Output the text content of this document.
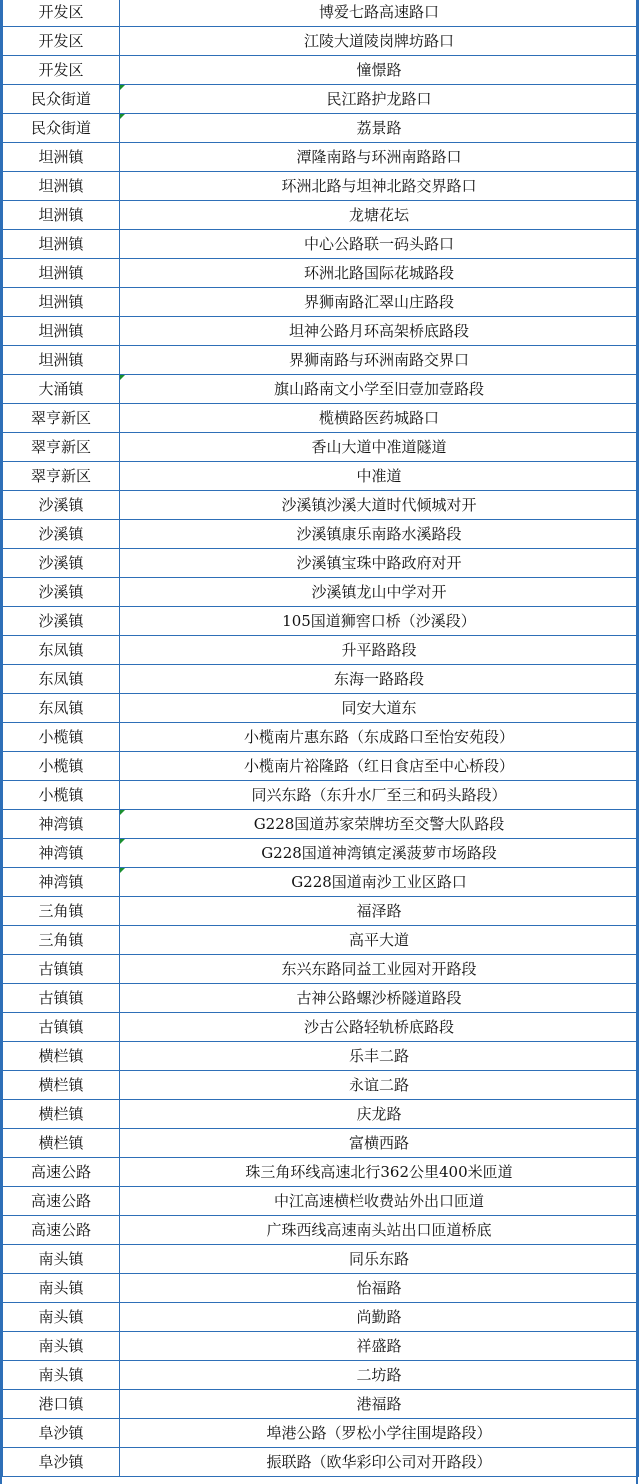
开发区	博爱七路高速路口
开发区	江陵大道陵岗牌坊路口
开发区	憧憬路
民众街道	民江路护龙路口

民众街道	荔景路

坦洲镇	潭隆南路与环洲南路路口
坦洲镇	环洲北路与坦神北路交界路口
坦洲镇	龙塘花坛
坦洲镇	中心公路联一码头路口
坦洲镇	环洲北路国际花城路段
坦洲镇	界狮南路汇翠山庄路段
坦洲镇	坦神公路月环高架桥底路段
坦洲镇	界狮南路与环洲南路交界口
大涌镇	旗山路南文小学至旧壹加壹路段

翠亨新区	榄横路医药城路口
翠亨新区	香山大道中准道隧道
翠亨新区	中准道
沙溪镇	沙溪镇沙溪大道时代倾城对开
沙溪镇	沙溪镇康乐南路水溪路段
沙溪镇	沙溪镇宝珠中路政府对开
沙溪镇	沙溪镇龙山中学对开
沙溪镇	105国道狮窖口桥（沙溪段）
东凤镇	升平路路段
东凤镇	东海一路路段
东凤镇	同安大道东
小榄镇	小榄南片惠东路（东成路口至怡安苑段）
小榄镇	小榄南片裕隆路（红日食店至中心桥段）
小榄镇	同兴东路（东升水厂至三和码头路段）
神湾镇	G228国道苏家荣牌坊至交警大队路段

神湾镇	G228国道神湾镇定溪菠萝市场路段

神湾镇	G228国道南沙工业区路口

三角镇	福泽路
三角镇	高平大道
古镇镇	东兴东路同益工业园对开路段
古镇镇	古神公路螺沙桥隧道路段
古镇镇	沙古公路轻轨桥底路段
横栏镇	乐丰二路
横栏镇	永谊二路
横栏镇	庆龙路
横栏镇	富横西路
高速公路	珠三角环线高速北行362公里400米匝道
高速公路	中江高速横栏收费站外出口匝道
高速公路	广珠西线高速南头站出口匝道桥底
南头镇	同乐东路
南头镇	怡福路
南头镇	尚勤路
南头镇	祥盛路
南头镇	二坊路
港口镇	港福路
阜沙镇	埠港公路（罗松小学往围堤路段）
阜沙镇	振联路（欧华彩印公司对开路段）
